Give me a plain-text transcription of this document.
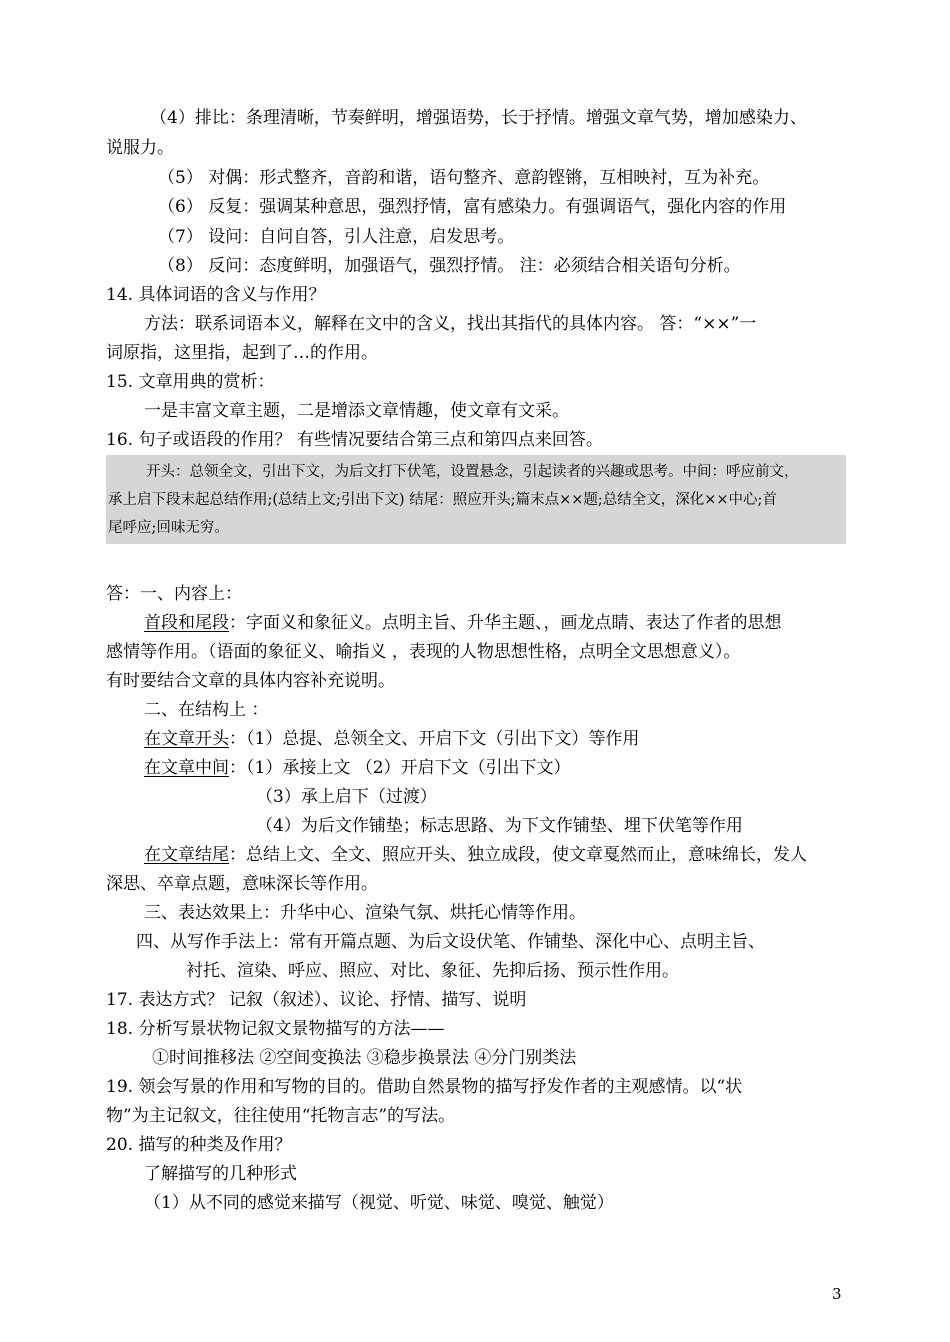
（4）排比：条理清晰，节奏鲜明，增强语势，长于抒情。增强文章气势，增加感染力、
说服力。
（5） 对偶：形式整齐，音韵和谐，语句整齐、意韵铿锵，互相映衬，互为补充。
（6） 反复：强调某种意思，强烈抒情，富有感染力。有强调语气，强化内容的作用
（7） 设问：自问自答，引人注意，启发思考。
（8） 反问：态度鲜明，加强语气，强烈抒情。 注：必须结合相关语句分析。
14. 具体词语的含义与作用？
方法：联系词语本义，解释在文中的含义，找出其指代的具体内容。 答：“××”一
词原指，这里指，起到了…的作用。
15. 文章用典的赏析：
一是丰富文章主题，二是增添文章情趣，使文章有文采。
16. 句子或语段的作用？ 有些情况要结合第三点和第四点来回答。
开头：总领全文，引出下文，为后文打下伏笔，设置悬念，引起读者的兴趣或思考。中间：呼应前文，
承上启下段末起总结作用;(总结上文;引出下文) 结尾：照应开头;篇末点××题;总结全文，深化××中心;首
尾呼应;回味无穷。
答：一、内容上：
首段和尾段：字面义和象征义。点明主旨、升华主题、，画龙点睛、表达了作者的思想
感情等作用。（语面的象征义、喻指义 ，表现的人物思想性格，点明全文思想意义）。
有时要结合文章的具体内容补充说明。
二、在结构上 ：
在文章开头：（1）总提、总领全文、开启下文（引出下文）等作用
在文章中间：（1）承接上文 （2）开启下文（引出下文）
（3）承上启下（过渡）
（4）为后文作铺垫；标志思路、为下文作铺垫、埋下伏笔等作用
在文章结尾：总结上文、全文、照应开头、独立成段，使文章戛然而止，意味绵长，发人
深思、卒章点题，意味深长等作用。
三、表达效果上：升华中心、渲染气氛、烘托心情等作用。
四、从写作手法上：常有开篇点题、为后文设伏笔、作铺垫、深化中心、点明主旨、
衬托、渲染、呼应、照应、对比、象征、先抑后扬、预示性作用。
17. 表达方式？ 记叙（叙述）、议论、抒情、描写、说明
18. 分析写景状物记叙文景物描写的方法——
①时间推移法 ②空间变换法 ③稳步换景法 ④分门别类法
19. 领会写景的作用和写物的目的。借助自然景物的描写抒发作者的主观感情。以“状
物”为主记叙文，往往使用“托物言志”的写法。
20. 描写的种类及作用？
了解描写的几种形式
（1）从不同的感觉来描写（视觉、听觉、味觉、嗅觉、触觉）
3
